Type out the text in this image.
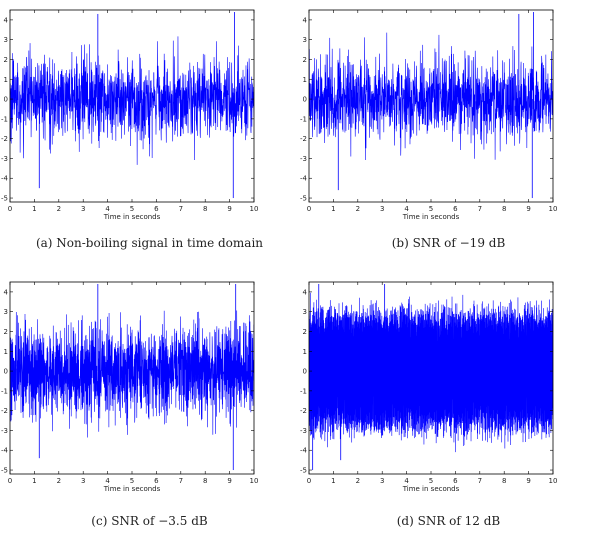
0	1	2	3	4	5	6	7	8	9	10
4
3
2
1
0
-1
-2
-3
-4
-5
Time in seconds
(a) Non-boiling signal in time domain
0	1	2	3	4	5	6	7	8	9	10
4
3
2
1
0
-1
-2
-3
-4
-5
Time in seconds
(b) SNR of −19 dB
0	1	2	3	4	5	6	7	8	9	10
4
3
2
1
0
-1
-2
-3
-4
-5
Time in seconds
(c) SNR of −3.5 dB
0	1	2	3	4	5	6	7	8	9	10
4
3
2
1
0
-1
-2
-3
-4
-5
Time in seconds
(d) SNR of 12 dB
